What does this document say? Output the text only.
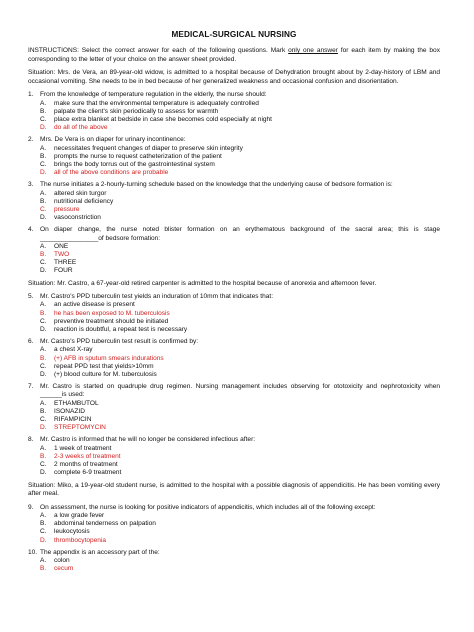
MEDICAL-SURGICAL NURSING
INSTRUCTIONS: Select the correct answer for each of the following questions. Mark only one answer for each item by making the box corresponding to the letter of your choice on the answer sheet provided.
Situation: Mrs. de Vera, an 89-year-old widow, is admitted to a hospital because of Dehydration brought about by 2-day-history of LBM and occasional vomiting. She needs to be in bed because of her generalized weakness and occasional confusion and disorientation.
1. From the knowledge of temperature regulation in the elderly, the nurse should:
A.	make sure that the environmental temperature is adequately controlled
B.	palpate the client's skin periodically to assess for warmth
C.	place extra blanket at bedside in case she becomes cold especially at night
D.	do all of the above
2. Mrs. De Vera is on diaper for urinary incontinence:
A.	necessitates frequent changes of diaper to preserve skin integrity
B.	prompts the nurse to request catheterization of the patient
C.	brings the body torrus out of the gastrointestinal system
D.	all of the above conditions are probable
3. The nurse initiates a 2-hourly-turning schedule based on the knowledge that the underlying cause of bedsore formation is:
A.	altered skin turgor
B.	nutritional deficiency
C.	pressure
D.	vasoconstriction
4. On diaper change, the nurse noted blister formation on an erythematous background of the sacral area; this is stage ________________of bedsore formation:
A.	ONE
B.	TWO
C.	THREE
D.	FOUR
Situation: Mr. Castro, a 67-year-old retired carpenter is admitted to the hospital because of anorexia and afternoon fever.
5. Mr. Castro's PPD tuberculin test yields an induration of 10mm that indicates that:
A.	an active disease is present
B.	he has been exposed to M. tuberculosis
C.	preventive treatment should be initiated
D.	reaction is doubtful, a repeat test is necessary
6. Mr. Castro's PPD tuberculin test result is confirmed by:
A.	a chest X-ray
B.	(+) AFB in sputum smears indurations
C.	repeat PPD test that yields>10mm
D.	(+) blood culture for M. tuberculosis
7. Mr. Castro is started on quadruple drug regimen. Nursing management includes observing for ototoxicity and nephrotoxicity when ______is used:
A.	ETHAMBUTOL
B.	ISONAZID
C.	RIFAMPICIN
D.	STREPTOMYCIN
8. Mr. Castro is informed that he will no longer be considered infectious after:
A.	1 week of treatment
B.	2-3 weeks of treatment
C.	2 months of treatment
D.	complete 6-9 treatment
Situation: Miko, a 19-year-old student nurse, is admitted to the hospital with a possible diagnosis of appendicitis. He has been vomiting every after meal.
9. On assessment, the nurse is looking for positive indicators of appendicitis, which includes all of the following except:
A.	a low grade fever
B.	abdominal tenderness on palpation
C.	leukocytosis
D.	thrombocytopenia
10. The appendix is an accessory part of the:
A.	colon
B.	cecum
